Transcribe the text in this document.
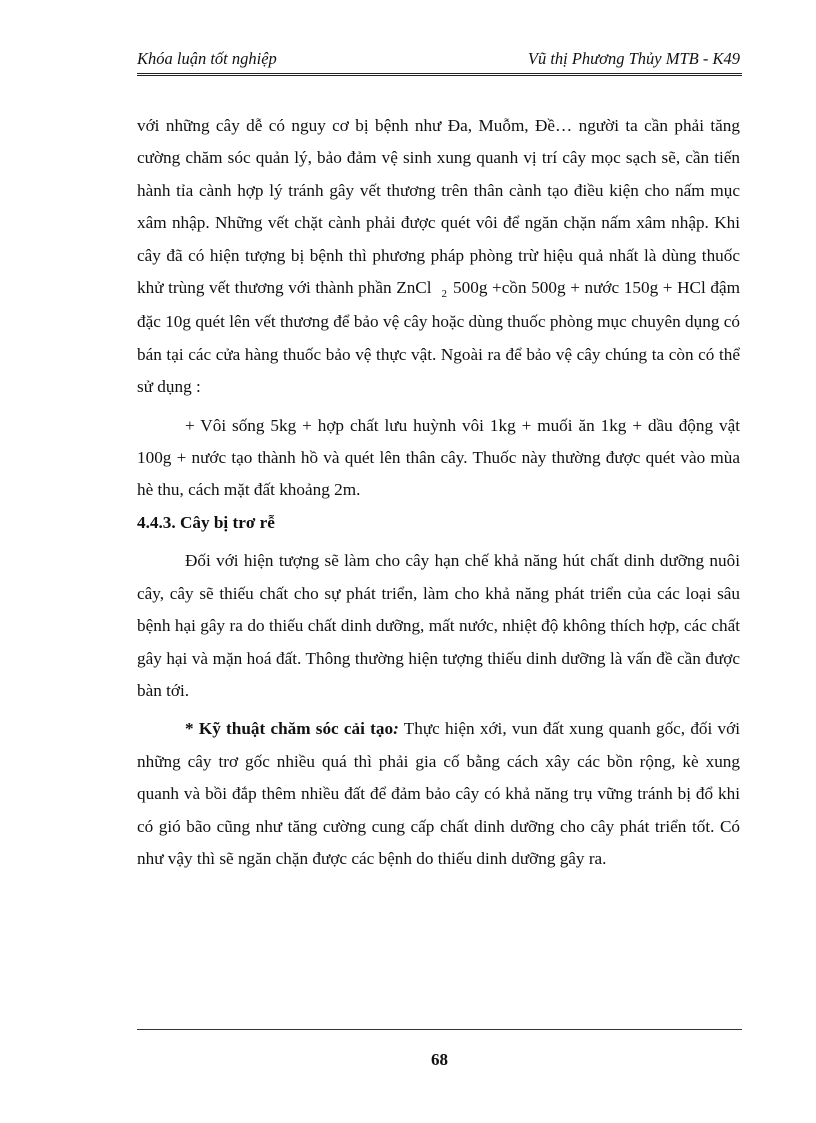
Khóa luận tốt nghiệp	Vũ thị Phương Thủy MTB - K49

với những cây dễ có nguy cơ bị bệnh như Đa, Muỗm, Đề… người ta cần phải tăng cường chăm sóc quản lý, bảo đảm vệ sinh xung quanh vị trí cây mọc sạch sẽ, cần tiến hành tỉa cành hợp lý tránh gây vết thương trên thân cành tạo điều kiện cho nấm mục xâm nhập. Những vết chặt cành phải được quét vôi để ngăn chặn nấm xâm nhập. Khi cây đã có hiện tượng bị bệnh thì phương pháp phòng trừ hiệu quả nhất là dùng thuốc khử trùng vết thương với thành phần ZnCl $_2$ 500g +cồn 500g + nước 150g + HCl đậm đặc 10g quét lên vết thương để bảo vệ cây hoặc dùng thuốc phòng mục chuyên dụng có bán tại các cửa hàng thuốc bảo vệ thực vật. Ngoài ra để bảo vệ cây chúng ta còn có thể sử dụng :

+ Vôi sống 5kg + hợp chất lưu huỳnh vôi 1kg + muối ăn 1kg + dầu động vật 100g + nước tạo thành hồ và quét lên thân cây. Thuốc này thường được quét vào mùa hè thu, cách mặt đất khoảng 2m.

4.4.3. Cây bị trơ rễ

Đối với hiện tượng sẽ làm cho cây hạn chế khả năng hút chất dinh dưỡng nuôi cây, cây sẽ thiếu chất cho sự phát triển, làm cho khả năng phát triển của các loại sâu bệnh hại gây ra do thiếu chất dinh dưỡng, mất nước, nhiệt độ không thích hợp, các chất gây hại và mặn hoá đất. Thông thường hiện tượng thiếu dinh dưỡng là vấn đề cần được bàn tới.

* Kỹ thuật chăm sóc cải tạo: Thực hiện xới, vun đất xung quanh gốc, đối với những cây trơ gốc nhiều quá thì phải gia cố bằng cách xây các bồn rộng, kè xung quanh và bồi đắp thêm nhiều đất để đảm bảo cây có khả năng trụ vững tránh bị đổ khi có gió bão cũng như tăng cường cung cấp chất dinh dưỡng cho cây phát triển tốt. Có như vậy thì sẽ ngăn chặn được các bệnh do thiếu dinh dưỡng gây ra.

68
